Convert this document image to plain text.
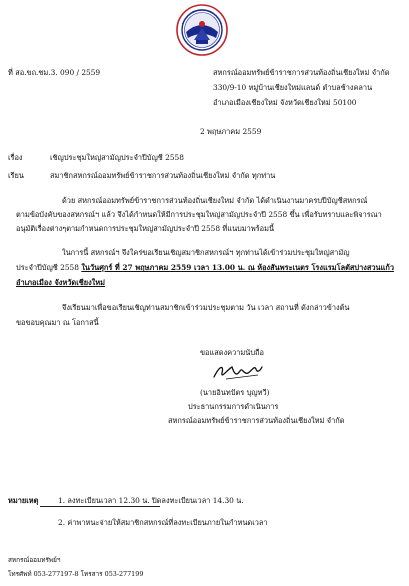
ที่ สอ.ขถ.ชม.3. 090 / 2559	สหกรณ์ออมทรัพย์ข้าราชการส่วนท้องถิ่นเชียงใหม่ จำกัด
330/9-10 หมู่บ้านเชียงใหม่แลนด์ ตำบลช้างคลาน
อำเภอเมืองเชียงใหม่ จังหวัดเชียงใหม่ 50100
2 พฤษภาคม 2559
เรื่อง	เชิญประชุมใหญ่สามัญประจำปีบัญชี 2558
เรียน	สมาชิกสหกรณ์ออมทรัพย์ข้าราชการส่วนท้องถิ่นเชียงใหม่ จำกัด ทุกท่าน
ด้วย สหกรณ์ออมทรัพย์ข้าราชการส่วนท้องถิ่นเชียงใหม่ จำกัด ได้ดำเนินงานมาครบปีบัญชีสหกรณ์
ตามข้อบังคับของสหกรณ์ฯ แล้ว จึงได้กำหนดให้มีการประชุมใหญ่สามัญประจำปี 2558 ขึ้น เพื่อรับทราบและพิจารณา
อนุมัติเรื่องต่างๆตามกำหนดการประชุมใหญ่สามัญประจำปี 2558 ที่แนบมาพร้อมนี้
ในการนี้ สหกรณ์ฯ จึงใคร่ขอเรียนเชิญสมาชิกสหกรณ์ฯ ทุกท่านได้เข้าร่วมประชุมใหญ่สามัญ
ประจำปีบัญชี 2558 ในวันศุกร์ ที่ 27 พฤษภาคม 2559 เวลา 13.00 น. ณ ห้องสันพระเนตร โรงแรมโลตัสปางสวนแก้ว
อำเภอเมือง จังหวัดเชียงใหม่
จึงเรียนมาเพื่อขอเรียนเชิญท่านสมาชิกเข้าร่วมประชุมตาม วัน เวลา สถานที่ ดังกล่าวข้างต้น
ขอขอบคุณมา ณ โอกาสนี้
ขอแสดงความนับถือ
(นายอินทปัตร บุญทวี)
ประธานกรรมการดำเนินการ
สหกรณ์ออมทรัพย์ข้าราชการส่วนท้องถิ่นเชียงใหม่ จำกัด
หมายเหตุ	1. ลงทะเบียนเวลา 12.30 น. ปิดลงทะเบียนเวลา 14.30 น.
2. ค่าพาหนะจ่ายให้สมาชิกสหกรณ์ที่ลงทะเบียนภายในกำหนดเวลา
สหกรณ์ออมทรัพย์ฯ
โทรศัพท์ 053-277197-8 โทรสาร 053-277199
